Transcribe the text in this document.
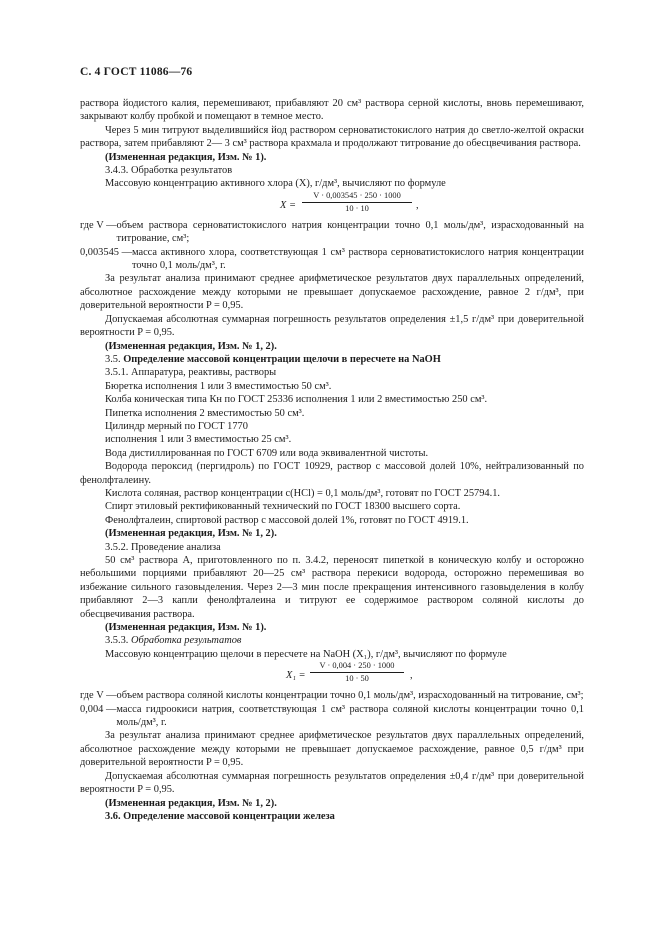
С. 4 ГОСТ 11086—76

раствора йодистого калия, перемешивают, прибавляют 20 см³ раствора серной кислоты, вновь перемешивают, закрывают колбу пробкой и помещают в темное место.

Через 5 мин титруют выделившийся йод раствором серноватистокислого натрия до светло-желтой окраски раствора, затем прибавляют 2— 3 см³ раствора крахмала и продолжают титрование до обесцвечивания раствора.

(Измененная редакция, Изм. № 1).

3.4.3. Обработка результатов

Массовую концентрацию активного хлора (X), г/дм³, вычисляют по формуле

$X = \frac{V \cdot 0,003545 \cdot 250 \cdot 1000}{10 \cdot 10}$ ,
где V — объем раствора серноватистокислого натрия концентрации точно 0,1 моль/дм³, израсходованный на титрование, см³;
0,003545 — масса активного хлора, соответствующая 1 см³ раствора серноватистокислого натрия концентрации точно 0,1 моль/дм³, г.

За результат анализа принимают среднее арифметическое результатов двух параллельных определений, абсолютное расхождение между которыми не превышает допускаемое расхождение, равное 2 г/дм³, при доверительной вероятности P = 0,95.

Допускаемая абсолютная суммарная погрешность результатов определения ±1,5 г/дм³ при доверительной вероятности P = 0,95.

(Измененная редакция, Изм. № 1, 2).

3.5. Определение массовой концентрации щелочи в пересчете на NaOH

3.5.1. Аппаратура, реактивы, растворы

Бюретка исполнения 1 или 3 вместимостью 50 см³.

Колба коническая типа Кн по ГОСТ 25336 исполнения 1 или 2 вместимостью 250 см³.

Пипетка исполнения 2 вместимостью 50 см³.

Цилиндр мерный по ГОСТ 1770

исполнения 1 или 3 вместимостью 25 см³.

Вода дистиллированная по ГОСТ 6709 или вода эквивалентной чистоты.

Водорода пероксид (пергидроль) по ГОСТ 10929, раствор с массовой долей 10%, нейтрализованный по фенолфталеину.

Кислота соляная, раствор концентрации c(HCl) = 0,1 моль/дм³, готовят по ГОСТ 25794.1.

Спирт этиловый ректификованный технический по ГОСТ 18300 высшего сорта.

Фенолфталеин, спиртовой раствор с массовой долей 1%, готовят по ГОСТ 4919.1.

(Измененная редакция, Изм. № 1, 2).

3.5.2. Проведение анализа

50 см³ раствора А, приготовленного по п. 3.4.2, переносят пипеткой в коническую колбу и осторожно небольшими порциями прибавляют 20—25 см³ раствора перекиси водорода, осторожно перемешивая во избежание сильного газовыделения. Через 2—3 мин после прекращения интенсивного газовыделения в колбу прибавляют 2—3 капли фенолфталеина и титруют ее содержимое раствором соляной кислоты до обесцвечивания раствора.

(Измененная редакция, Изм. № 1).

3.5.3. Обработка результатов

Массовую концентрацию щелочи в пересчете на NaOH (X₁), г/дм³, вычисляют по формуле

$X_1 = \frac{V \cdot 0,004 \cdot 250 \cdot 1000}{10 \cdot 50}$ ,
где V — объем раствора соляной кислоты концентрации точно 0,1 моль/дм³, израсходованный на титрование, см³;
0,004 — масса гидроокиси натрия, соответствующая 1 см³ раствора соляной кислоты концентрации точно 0,1 моль/дм³, г.

За результат анализа принимают среднее арифметическое результатов двух параллельных определений, абсолютное расхождение между которыми не превышает допускаемое расхождение, равное 0,5 г/дм³ при доверительной вероятности P = 0,95.

Допускаемая абсолютная суммарная погрешность результатов определения ±0,4 г/дм³ при доверительной вероятности P = 0,95.

(Измененная редакция, Изм. № 1, 2).

3.6. Определение массовой концентрации железа
